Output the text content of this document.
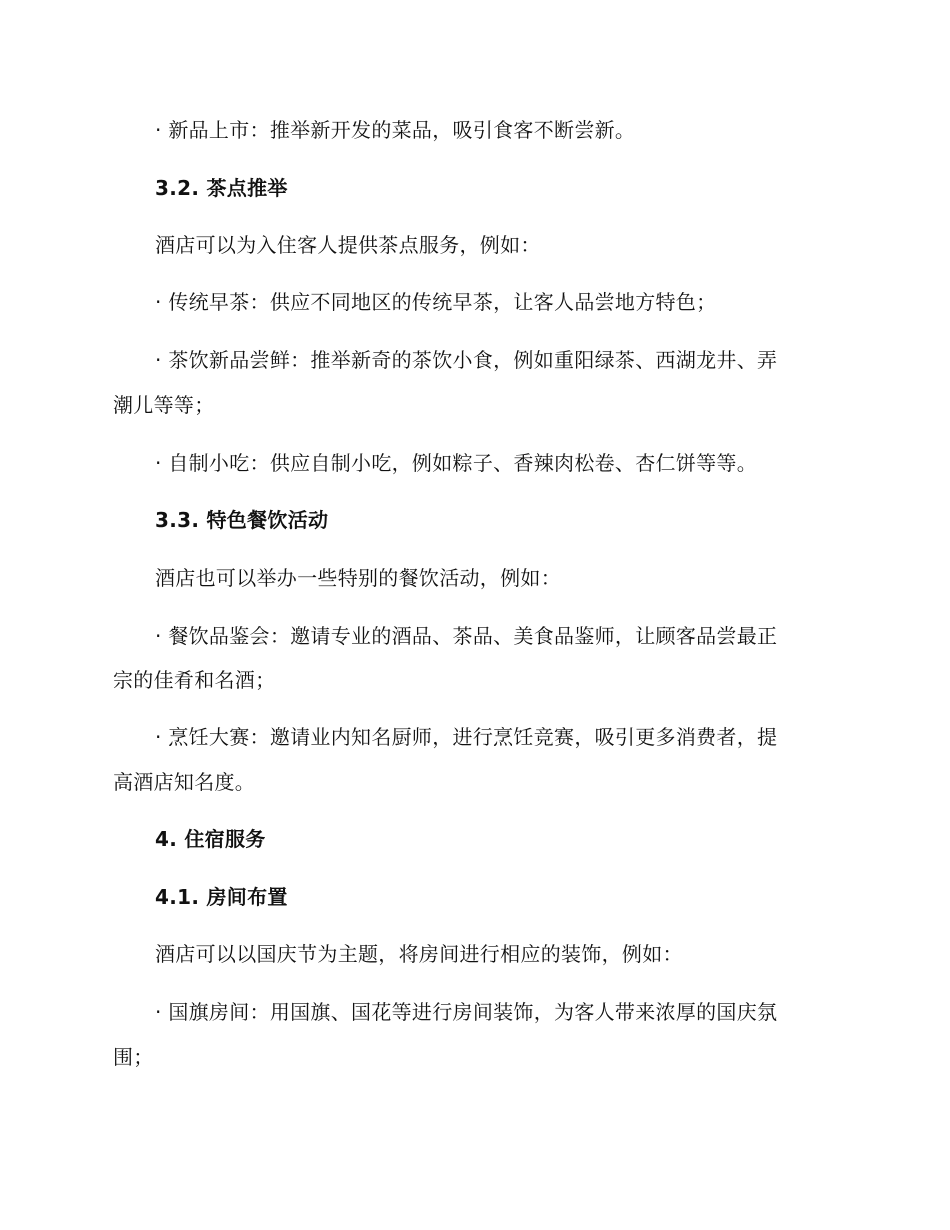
· 新品上市：推举新开发的菜品，吸引食客不断尝新。
3.2. 茶点推举
酒店可以为入住客人提供茶点服务，例如：
· 传统早茶：供应不同地区的传统早茶，让客人品尝地方特色；
· 茶饮新品尝鲜：推举新奇的茶饮小食，例如重阳绿茶、西湖龙井、弄
潮儿等等；
· 自制小吃：供应自制小吃，例如粽子、香辣肉松卷、杏仁饼等等。
3.3. 特色餐饮活动
酒店也可以举办一些特别的餐饮活动，例如：
· 餐饮品鉴会：邀请专业的酒品、茶品、美食品鉴师，让顾客品尝最正
宗的佳肴和名酒；
· 烹饪大赛：邀请业内知名厨师，进行烹饪竞赛，吸引更多消费者，提
高酒店知名度。
4. 住宿服务
4.1. 房间布置
酒店可以以国庆节为主题，将房间进行相应的装饰，例如：
· 国旗房间：用国旗、国花等进行房间装饰，为客人带来浓厚的国庆氛
围；
